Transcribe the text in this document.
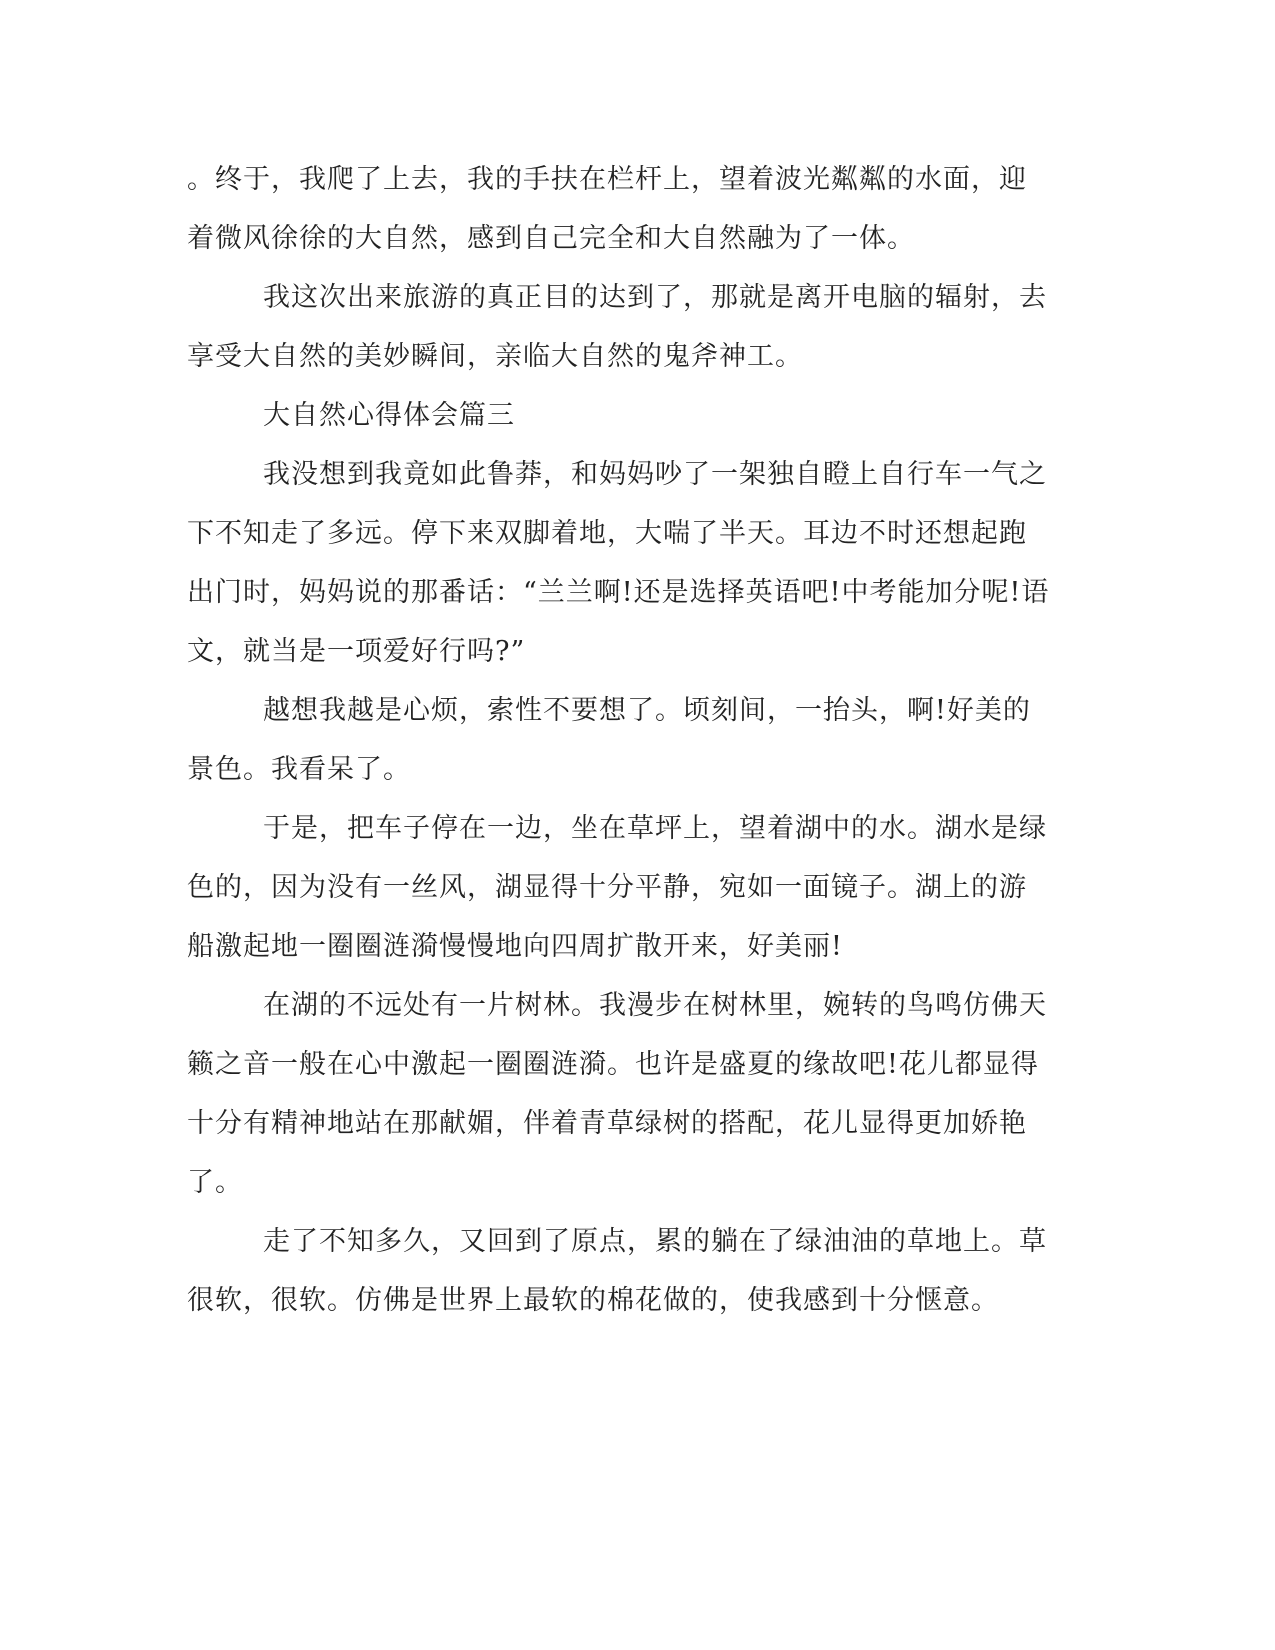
。终于，我爬了上去，我的手扶在栏杆上，望着波光粼粼的水面，迎
着微风徐徐的大自然，感到自己完全和大自然融为了一体。
我这次出来旅游的真正目的达到了，那就是离开电脑的辐射，去
享受大自然的美妙瞬间，亲临大自然的鬼斧神工。
大自然心得体会篇三
我没想到我竟如此鲁莽，和妈妈吵了一架独自瞪上自行车一气之
下不知走了多远。停下来双脚着地，大喘了半天。耳边不时还想起跑
出门时，妈妈说的那番话：“兰兰啊!还是选择英语吧!中考能加分呢!语
文，就当是一项爱好行吗?”
越想我越是心烦，索性不要想了。顷刻间，一抬头，啊!好美的
景色。我看呆了。
于是，把车子停在一边，坐在草坪上，望着湖中的水。湖水是绿
色的，因为没有一丝风，湖显得十分平静，宛如一面镜子。湖上的游
船激起地一圈圈涟漪慢慢地向四周扩散开来，好美丽!
在湖的不远处有一片树林。我漫步在树林里，婉转的鸟鸣仿佛天
籁之音一般在心中激起一圈圈涟漪。也许是盛夏的缘故吧!花儿都显得
十分有精神地站在那献媚，伴着青草绿树的搭配，花儿显得更加娇艳
了。
走了不知多久，又回到了原点，累的躺在了绿油油的草地上。草
很软，很软。仿佛是世界上最软的棉花做的，使我感到十分惬意。
